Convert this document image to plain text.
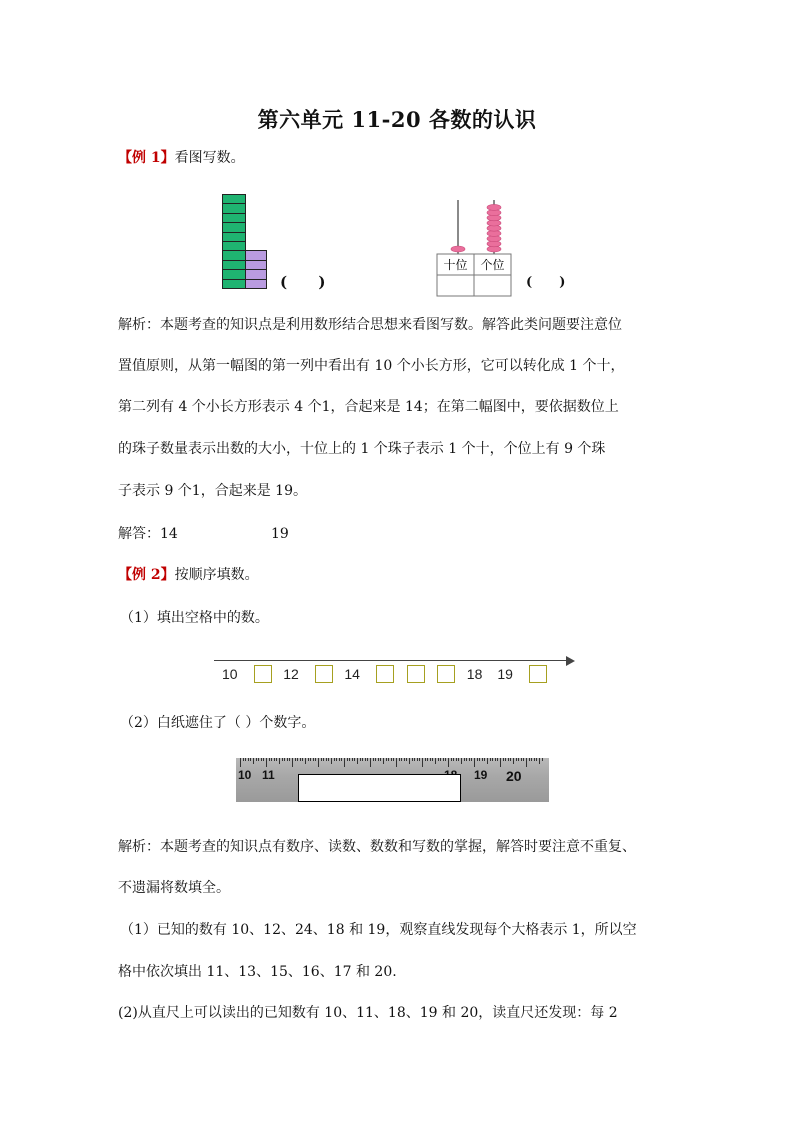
第六单元 11-20 各数的认识
【例 1】看图写数。
(      )
十位 个位
(      )
解析：本题考查的知识点是利用数形结合思想来看图写数。解答此类问题要注意位
置值原则，从第一幅图的第一列中看出有 10 个小长方形，它可以转化成 1 个十，
第二列有 4 个小长方形表示 4 个1，合起来是 14；在第二幅图中，要依据数位上
的珠子数量表示出数的大小，十位上的 1 个珠子表示 1 个十，个位上有 9 个珠
子表示 9 个1，合起来是 19。
解答：14	19
【例 2】按顺序填数。
（1）填出空格中的数。
10	12	14	18 19
（2）白纸遮住了（ ）个数字。
10 11	19 20
解析：本题考查的知识点有数序、读数、数数和写数的掌握，解答时要注意不重复、
不遗漏将数填全。
（1）已知的数有 10、12、24、18 和 19，观察直线发现每个大格表示 1，所以空
格中依次填出 11、13、15、16、17 和 20.
(2)从直尺上可以读出的已知数有 10、11、18、19 和 20，读直尺还发现：每 2
